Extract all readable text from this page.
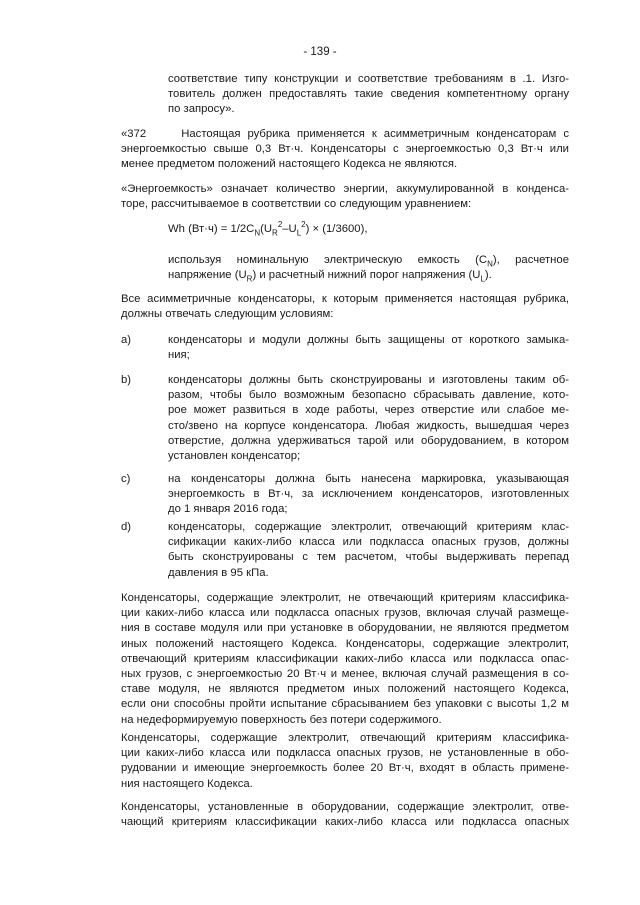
- 139 -
соответствие типу конструкции и соответствие требованиям в .1. Изго-
товитель должен предоставлять такие сведения компетентному органу
по запросу».
«372     Настоящая рубрика применяется к асимметричным конденсаторам с
энергоемкостью свыше 0,3 Вт·ч. Конденсаторы с энергоемкостью 0,3 Вт·ч или
менее предметом положений настоящего Кодекса не являются.
«Энергоемкость» означает количество энергии, аккумулированной в конденса-
торе, рассчитываемое в соответствии со следующим уравнением:
Wh $(Вт\cdot ч) = 1/2C_N(U_R^2-U_L^2) \times (1/3600)$,
используя номинальную электрическую емкость $(C_N)$, расчетное
напряжение $(U_R)$ и расчетный нижний порог напряжения $(U_L)$.
Все асимметричные конденсаторы, к которым применяется настоящая рубрика,
должны отвечать следующим условиям:
a)	конденсаторы и модули должны быть защищены от короткого замыка-
ния;
b)	конденсаторы должны быть сконструированы и изготовлены таким об-
разом, чтобы было возможным безопасно сбрасывать давление, кото-
рое может развиться в ходе работы, через отверстие или слабое ме-
сто/звено на корпусе конденсатора. Любая жидкость, вышедшая через
отверстие, должна удерживаться тарой или оборудованием, в котором
установлен конденсатор;
c)	на конденсаторы должна быть нанесена маркировка, указывающая
энергоемкость в Вт·ч, за исключением конденсаторов, изготовленных
до 1 января 2016 года;
d)	конденсаторы, содержащие электролит, отвечающий критериям клас-
сификации каких-либо класса или подкласса опасных грузов, должны
быть сконструированы с тем расчетом, чтобы выдерживать перепад
давления в 95 кПа.
Конденсаторы, содержащие электролит, не отвечающий критериям классифика-
ции каких-либо класса или подкласса опасных грузов, включая случай размеще-
ния в составе модуля или при установке в оборудовании, не являются предметом
иных положений настоящего Кодекса. Конденсаторы, содержащие электролит,
отвечающий критериям классификации каких-либо класса или подкласса опас-
ных грузов, с энергоемкостью 20 Вт·ч и менее, включая случай размещения в со-
ставе модуля, не являются предметом иных положений настоящего Кодекса,
если они способны пройти испытание сбрасыванием без упаковки с высоты 1,2 м
на недеформируемую поверхность без потери содержимого.
Конденсаторы, содержащие электролит, отвечающий критериям классифика-
ции каких-либо класса или подкласса опасных грузов, не установленные в обо-
рудовании и имеющие энергоемкость более 20 Вт·ч, входят в область примене-
ния настоящего Кодекса.
Конденсаторы, установленные в оборудовании, содержащие электролит, отве-
чающий критериям классификации каких-либо класса или подкласса опасных
